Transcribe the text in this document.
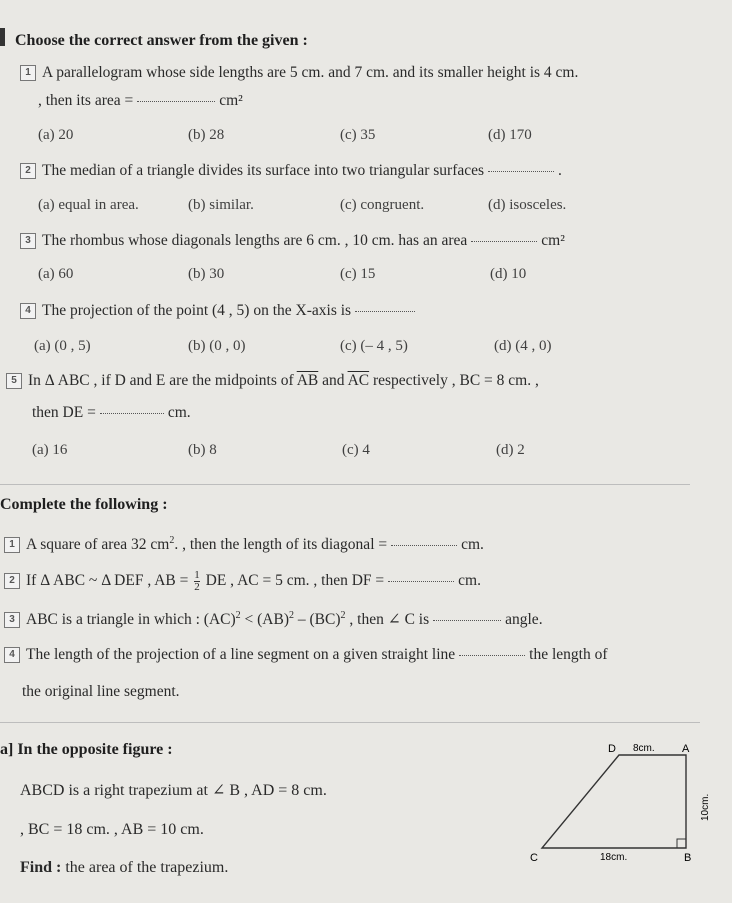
Choose the correct answer from the given :
1 A parallelogram whose side lengths are 5 cm. and 7 cm. and its smaller height is 4 cm.
, then its area =	cm²
(a) 20	(b) 28	(c) 35	(d) 170
2 The median of a triangle divides its surface into two triangular surfaces	.
(a) equal in area.	(b) similar.	(c) congruent.	(d) isosceles.
3 The rhombus whose diagonals lengths are 6 cm. , 10 cm. has an area	cm²
(a) 60	(b) 30	(c) 15	(d) 10
4 The projection of the point (4 , 5) on the X-axis is
(a) (0 , 5)	(b) (0 , 0)	(c) (– 4 , 5)	(d) (4 , 0)
5 In Δ ABC , if D and E are the midpoints of $\overline{AB}$ and $\overline{AC}$ respectively , BC = 8 cm. ,
then DE =	cm.
(a) 16	(b) 8	(c) 4	(d) 2
Complete the following :
1 A square of area 32 $cm^2$. , then the length of its diagonal =	cm.
2 If Δ ABC ~ Δ DEF , AB = $\frac{1}{2}$ DE , AC = 5 cm. , then DF =	cm.
3 ABC is a triangle in which : (AC)$^2$ < (AB)$^2$ – (BC)$^2$ , then ∠ C is	angle.
4 The length of the projection of a line segment on a given straight line	the length of
the original line segment.
a] In the opposite figure :
ABCD is a right trapezium at ∠ B , AD = 8 cm.
, BC = 18 cm. , AB = 10 cm.
Find : the area of the trapezium.
D	A
C	B
8cm.
18cm.
10cm.
